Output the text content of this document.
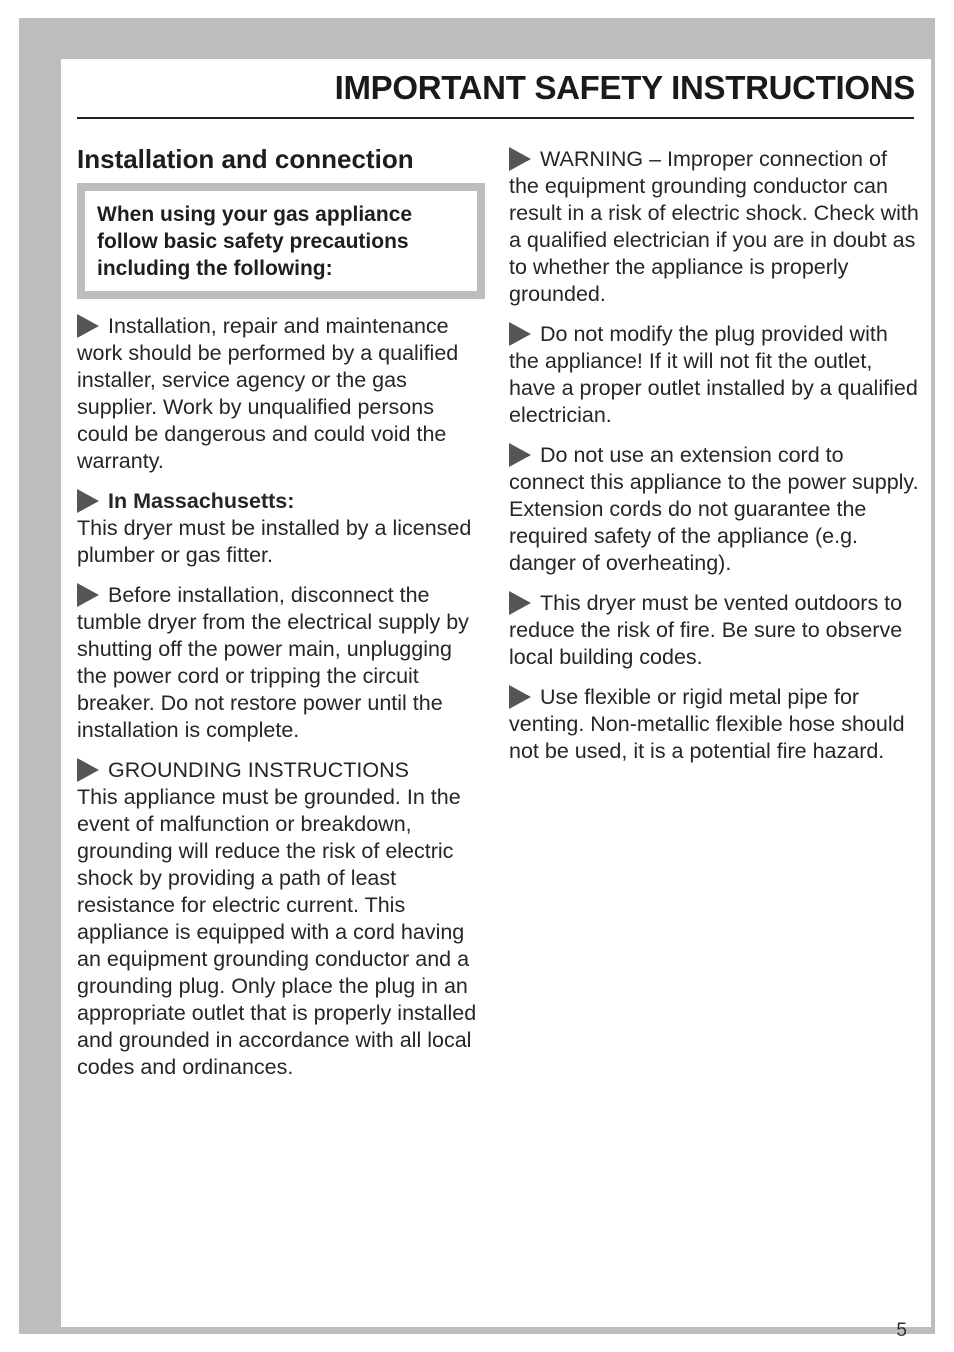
IMPORTANT SAFETY INSTRUCTIONS
Installation and connection
When using your gas appliance follow basic safety precautions including the following:
Installation, repair and maintenance work should be performed by a qualified installer, service agency or the gas supplier. Work by unqualified persons could be dangerous and could void the warranty.
In Massachusetts:
This dryer must be installed by a licensed plumber or gas fitter.
Before installation, disconnect the tumble dryer from the electrical supply by shutting off the power main, unplugging the power cord or tripping the circuit breaker. Do not restore power until the installation is complete.
GROUNDING INSTRUCTIONS
This appliance must be grounded. In the event of malfunction or breakdown, grounding will reduce the risk of electric shock by providing a path of least resistance for electric current. This appliance is equipped with a cord having an equipment grounding conductor and a grounding plug. Only place the plug in an appropriate outlet that is properly installed and grounded in accordance with all local codes and ordinances.
WARNING – Improper connection of the equipment grounding conductor can result in a risk of electric shock. Check with a qualified electrician if you are in doubt as to whether the appliance is properly grounded.
Do not modify the plug provided with the appliance! If it will not fit the outlet, have a proper outlet installed by a qualified electrician.
Do not use an extension cord to connect this appliance to the power supply. Extension cords do not guarantee the required safety of the appliance (e.g. danger of overheating).
This dryer must be vented outdoors to reduce the risk of fire. Be sure to observe local building codes.
Use flexible or rigid metal pipe for venting. Non-metallic flexible hose should not be used, it is a potential fire hazard.
5
